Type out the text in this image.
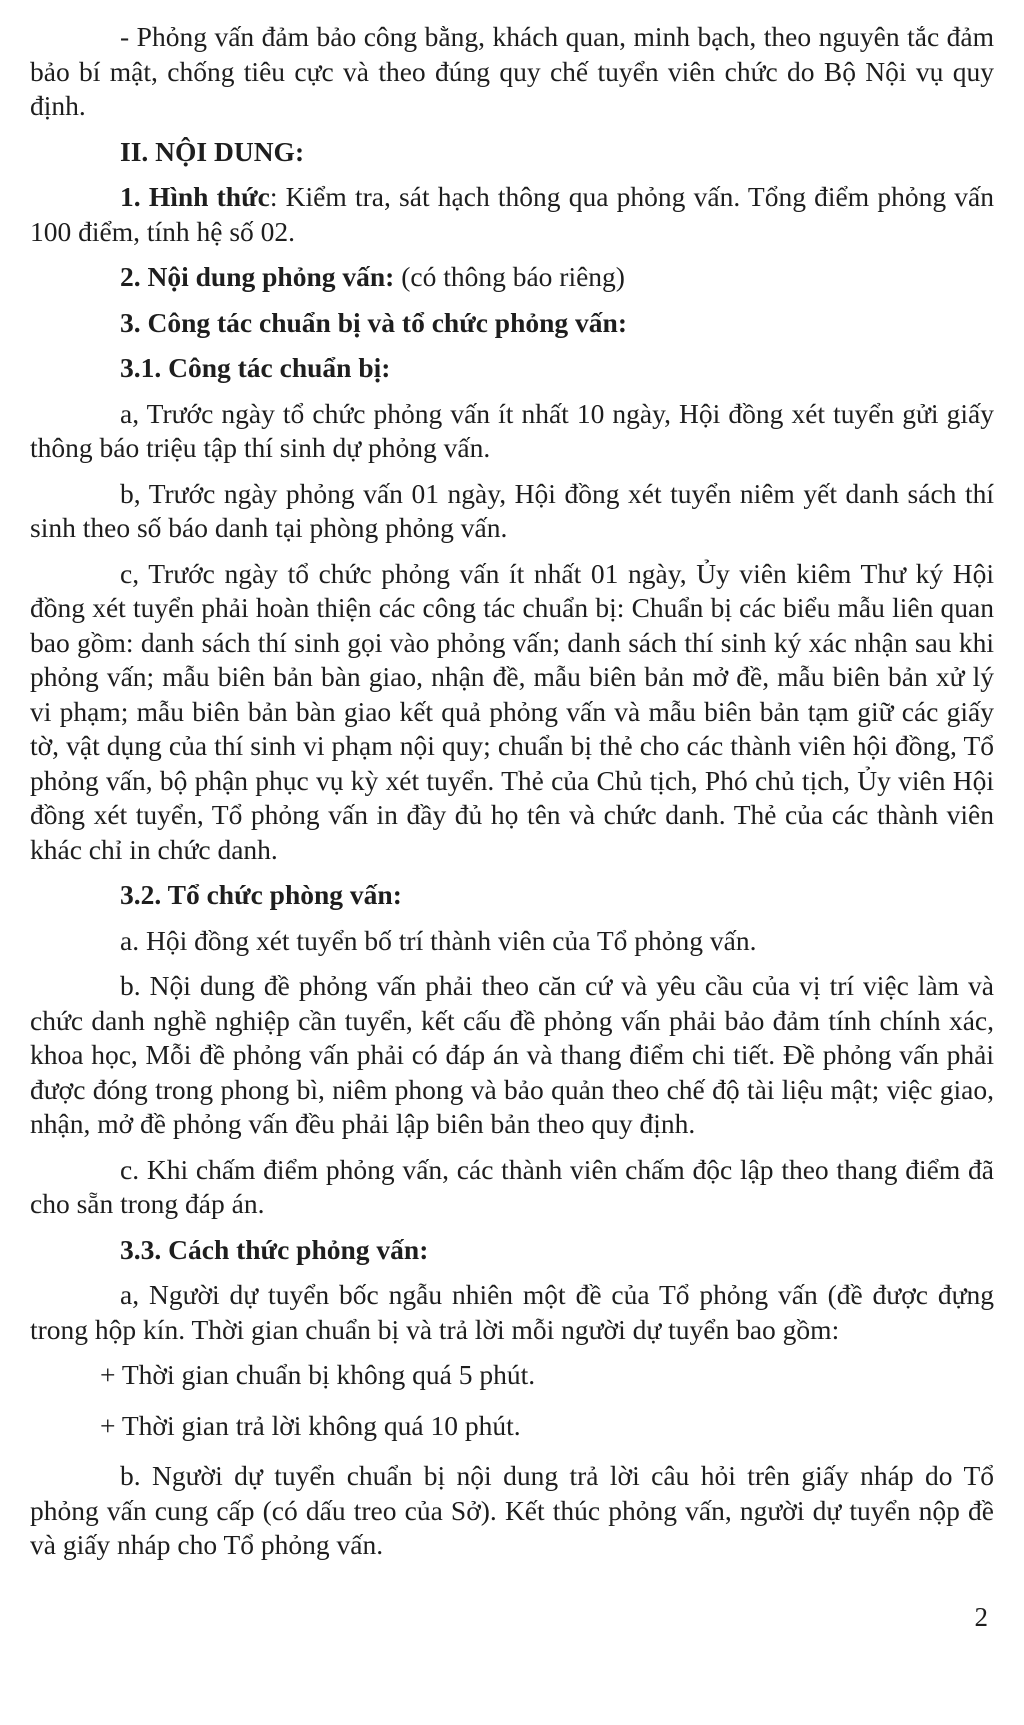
- Phỏng vấn đảm bảo công bằng, khách quan, minh bạch, theo nguyên tắc đảm bảo bí mật, chống tiêu cực và theo đúng quy chế tuyển viên chức do Bộ Nội vụ quy định.

II. NỘI DUNG:

1. Hình thức: Kiểm tra, sát hạch thông qua phỏng vấn. Tổng điểm phỏng vấn 100 điểm, tính hệ số 02.

2. Nội dung phỏng vấn: (có thông báo riêng)

3. Công tác chuẩn bị và tổ chức phỏng vấn:

3.1. Công tác chuẩn bị:

a, Trước ngày tổ chức phỏng vấn ít nhất 10 ngày, Hội đồng xét tuyển gửi giấy thông báo triệu tập thí sinh dự phỏng vấn.

b, Trước ngày phỏng vấn 01 ngày, Hội đồng xét tuyển niêm yết danh sách thí sinh theo số báo danh tại phòng phỏng vấn.

c, Trước ngày tổ chức phỏng vấn ít nhất 01 ngày, Ủy viên kiêm Thư ký Hội đồng xét tuyển phải hoàn thiện các công tác chuẩn bị: Chuẩn bị các biểu mẫu liên quan bao gồm: danh sách thí sinh gọi vào phỏng vấn; danh sách thí sinh ký xác nhận sau khi phỏng vấn; mẫu biên bản bàn giao, nhận đề, mẫu biên bản mở đề, mẫu biên bản xử lý vi phạm; mẫu biên bản bàn giao kết quả phỏng vấn và mẫu biên bản tạm giữ các giấy tờ, vật dụng của thí sinh vi phạm nội quy; chuẩn bị thẻ cho các thành viên hội đồng, Tổ phỏng vấn, bộ phận phục vụ kỳ xét tuyển. Thẻ của Chủ tịch, Phó chủ tịch, Ủy viên Hội đồng xét tuyển, Tổ phỏng vấn in đầy đủ họ tên và chức danh. Thẻ của các thành viên khác chỉ in chức danh.

3.2. Tổ chức phòng vấn:

a. Hội đồng xét tuyển bố trí thành viên của Tổ phỏng vấn.

b. Nội dung đề phỏng vấn phải theo căn cứ và yêu cầu của vị trí việc làm và chức danh nghề nghiệp cần tuyển, kết cấu đề phỏng vấn phải bảo đảm tính chính xác, khoa học, Mỗi đề phỏng vấn phải có đáp án và thang điểm chi tiết. Đề phỏng vấn phải được đóng trong phong bì, niêm phong và bảo quản theo chế độ tài liệu mật; việc giao, nhận, mở đề phỏng vấn đều phải lập biên bản theo quy định.

c. Khi chấm điểm phỏng vấn, các thành viên chấm độc lập theo thang điểm đã cho sẵn trong đáp án.

3.3. Cách thức phỏng vấn:

a, Người dự tuyển bốc ngẫu nhiên một đề của Tổ phỏng vấn (đề được đựng trong hộp kín. Thời gian chuẩn bị và trả lời mỗi người dự tuyển bao gồm:

+ Thời gian chuẩn bị không quá 5 phút.

+ Thời gian trả lời không quá 10 phút.

b. Người dự tuyển chuẩn bị nội dung trả lời câu hỏi trên giấy nháp do Tổ phỏng vấn cung cấp (có dấu treo của Sở). Kết thúc phỏng vấn, người dự tuyển nộp đề và giấy nháp cho Tổ phỏng vấn.

2
